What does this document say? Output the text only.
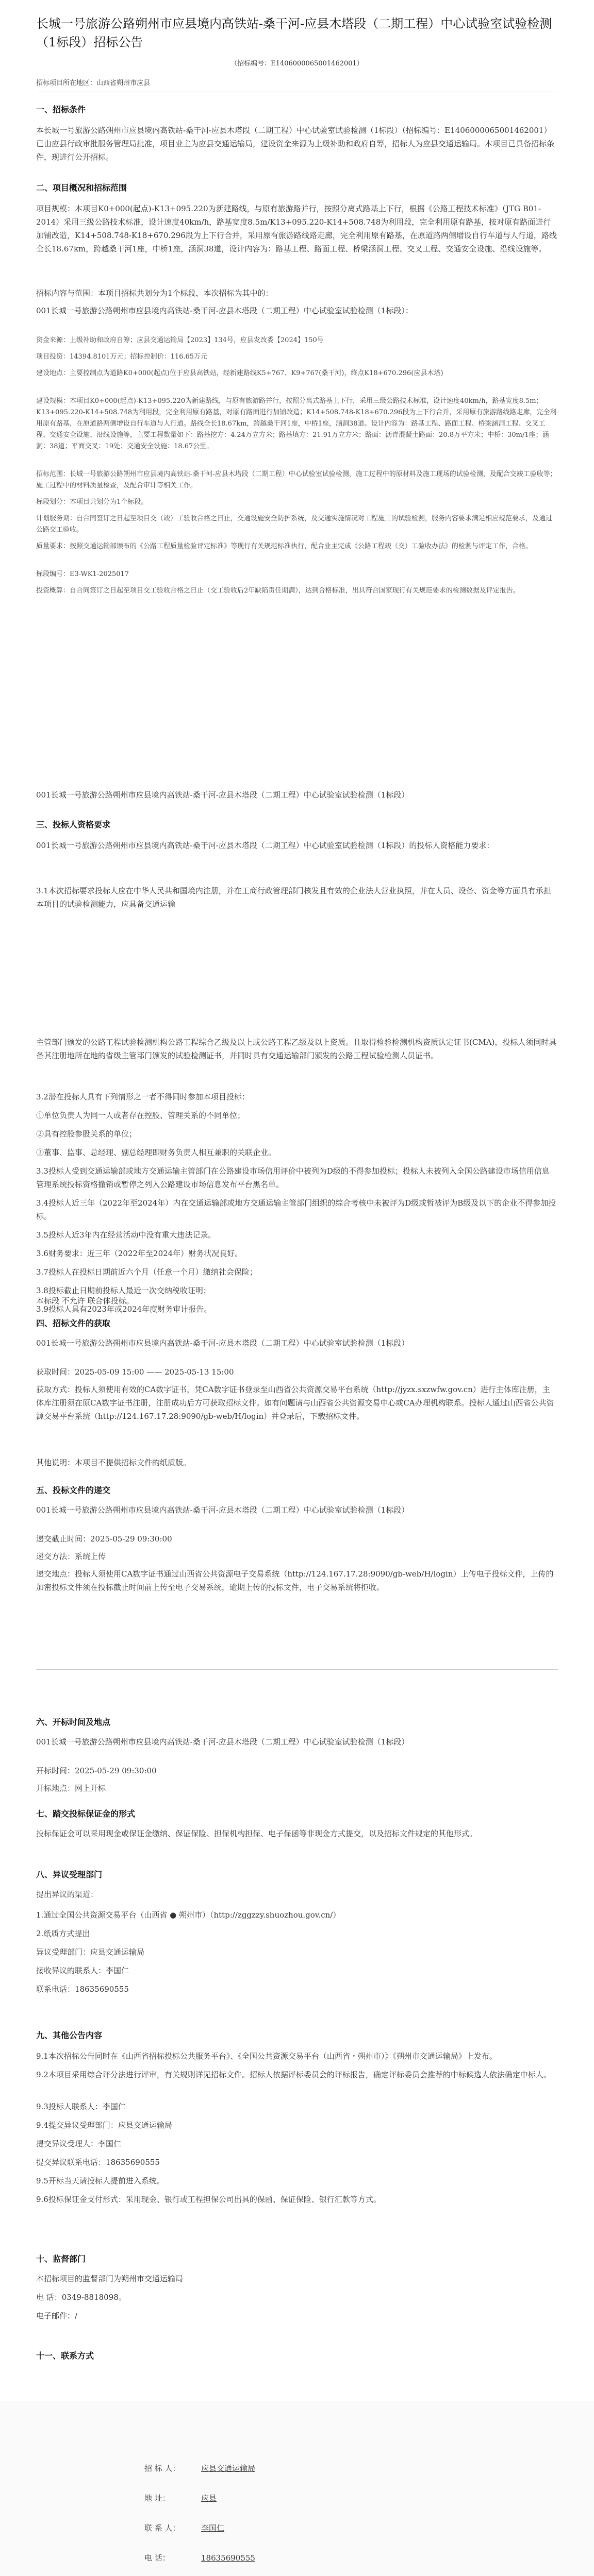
长城一号旅游公路朔州市应县境内高铁站-桑干河-应县木塔段（二期工程）中心试验室试验检测（1标段）招标公告
（招标编号：E1406000065001462001）
招标项目所在地区：山西省朔州市应县
一、招标条件
本长城一号旅游公路朔州市应县境内高铁站-桑干河-应县木塔段（二期工程）中心试验室试验检测（1标段）（招标编号：E1406000065001462001）已由应县行政审批服务管理局批准，项目业主为应县交通运输局，建设资金来源为上级补助和政府自筹，招标人为应县交通运输局。本项目已具备招标条件，现进行公开招标。
二、项目概况和招标范围
项目规模：本项目K0+000(起点)-K13+095.220为新建路线，与原有旅游路并行，按照分离式路基上下行，根据《公路工程技术标准》（JTG B01-2014）采用三级公路技术标准，设计速度40km/h，路基宽度8.5m/K13+095.220-K14+508.748为利用段，完全利用原有路基，按对原有路面进行加铺改造，K14+508.748-K18+670.296段为上下行合并，采用原有旅游路线路走廊，完全利用原有路基，在原道路两侧增设自行车道与人行道，路线全长18.67km，跨越桑干河1座，中桥1座，涵洞38道，设计内容为：路基工程、路面工程、桥梁涵洞工程、交叉工程、交通安全设施、沿线设施等。
招标内容与范围：本项目招标共划分为1个标段，本次招标为其中的：
001长城一号旅游公路朔州市应县境内高铁站-桑干河-应县木塔段（二期工程）中心试验室试验检测（1标段）：
资金来源：上级补助和政府自筹；应县交通运输局【2023】134号，应县发改委【2024】150号
项目投资：14394.8101万元；招标控制价：116.65万元
建设地点：主要控制点为道路K0+000(起点)位于应县高铁站，经新建路线K5+767、K9+767(桑干河)，终点K18+670.296(应县木塔)
建设规模：本项目K0+000(起点)-K13+095.220为新建路线，与原有旅游路并行，按照分离式路基上下行，采用三级公路技术标准，设计速度40km/h，路基宽度8.5m；K13+095.220-K14+508.748为利用段，完全利用原有路基，对原有路面进行加铺改造；K14+508.748-K18+670.296段为上下行合并，采用原有旅游路线路走廊，完全利用原有路基，在原道路两侧增设自行车道与人行道。路线全长18.67km，跨越桑干河1座，中桥1座，涵洞38道。设计内容为：路基工程、路面工程、桥梁涵洞工程、交叉工程、交通安全设施、沿线设施等，主要工程数量如下：路基挖方：4.24万立方米；路基填方：21.91万立方米；路面：沥青混凝土路面：20.8万平方米；中桥：30m/1座；涵洞：38道；平面交叉：19处；交通安全设施：18.67公里。
招标范围：长城一号旅游公路朔州市应县境内高铁站-桑干河-应县木塔段（二期工程）中心试验室试验检测，施工过程中的原材料及施工现场的试验检测，及配合交竣工验收等；施工过程中的材料质量检查，及配合审计等相关工作。
标段划分：本项目共划分为1个标段。
计划服务期：自合同签订之日起至项目交（竣）工验收合格之日止，交通设施安全防护系统，及交通实施情况对工程施工的试验检测，服务内容要求满足相应规范要求，及通过公路交工验收。
质量要求：按照交通运输部颁布的《公路工程质量检验评定标准》等现行有关规范标准执行，配合业主完成《公路工程竣（交）工验收办法》的检测与评定工作，合格。
标段编号：E3-WK1-2025017
投资概算：自合同签订之日起至项目交工验收合格之日止（交工验收后2年缺陷责任期满），达到合格标准，出具符合国家现行有关规范要求的检测数据及评定报告。
001长城一号旅游公路朔州市应县境内高铁站-桑干河-应县木塔段（二期工程）中心试验室试验检测（1标段）
三、投标人资格要求
001长城一号旅游公路朔州市应县境内高铁站-桑干河-应县木塔段（二期工程）中心试验室试验检测（1标段）的投标人资格能力要求：
3.1本次招标要求投标人应在中华人民共和国境内注册，并在工商行政管理部门核发且有效的企业法人营业执照，并在人员、设备、资金等方面具有承担本项目的试验检测能力，应具备交通运输
主管部门颁发的公路工程试验检测机构公路工程综合乙级及以上或公路工程乙级及以上资质。且取得检验检测机构资质认定证书(CMA)，投标人须同时具备其注册地所在地的省级主管部门颁发的试验检测证书，并同时具有交通运输部门颁发的公路工程试验检测人员证书。
3.2潜在投标人具有下列情形之一者不得同时参加本项目投标：
①单位负责人为同一人或者存在控股、管理关系的不同单位；
②具有控股参股关系的单位；
③董事、监事、总经理、副总经理即财务负责人相互兼职的关联企业。
3.3投标人受到交通运输部或地方交通运输主管部门在公路建设市场信用评价中被列为D级的不得参加投标；投标人未被列入全国公路建设市场信用信息管理系统投标资格撤销或暂停之列入公路建设市场信息发布平台黑名单。
3.4投标人近三年（2022年至2024年）内在交通运输部或地方交通运输主管部门组织的综合考核中未被评为D级或暂被评为B级及以下的企业不得参加投标。
3.5投标人近3年内在经营活动中没有重大违法记录。
3.6财务要求：近三年（2022年至2024年）财务状况良好。
3.7投标人在投标日期前近六个月（任意一个月）缴纳社会保险；
3.8投标截止日期前投标人最近一次交纳税收证明；
3.9投标人具有2023年或2024年度财务审计报告。
本标段 不允许 联合体投标。
四、招标文件的获取
001长城一号旅游公路朔州市应县境内高铁站-桑干河-应县木塔段（二期工程）中心试验室试验检测（1标段）
获取时间：2025-05-09 15:00 —— 2025-05-13 15:00
获取方式：投标人须使用有效的CA数字证书，凭CA数字证书登录至山西省公共资源交易平台系统（http://jyzx.sxzwfw.gov.cn）进行主体库注册，主体库注册须在原CA数字证书注册，注册成功后方可获取招标文件。如有问题请与山西省公共资源交易中心或CA办理机构联系。投标人通过山西省公共资源交易平台系统（http://124.167.17.28:9090/gb-web/H/login）并登录后，下载招标文件。
其他说明：本项目不提供招标文件的纸质版。
五、投标文件的递交
001长城一号旅游公路朔州市应县境内高铁站-桑干河-应县木塔段（二期工程）中心试验室试验检测（1标段）
递交截止时间：2025-05-29 09:30:00
递交方法：系统上传
递交地点：投标人须使用CA数字证书通过山西省公共资源电子交易系统（http://124.167.17.28:9090/gb-web/H/login）上传电子投标文件，上传的加密投标文件须在投标截止时间前上传至电子交易系统，逾期上传的投标文件，电子交易系统将拒收。
六、开标时间及地点
001长城一号旅游公路朔州市应县境内高铁站-桑干河-应县木塔段（二期工程）中心试验室试验检测（1标段）
开标时间：2025-05-29 09:30:00
开标地点：网上开标
七、踏交投标保证金的形式
投标保证金可以采用现金或保证金缴纳、保证保险、担保机构担保、电子保函等非现金方式提交，以及招标文件规定的其他形式。
八、异议受理部门
提出异议的渠道：
1.通过全国公共资源交易平台（山西省 ● 朔州市）（http://zggzzy.shuozhou.gov.cn/）
2.纸质方式提出
异议受理部门：应县交通运输局
接收异议的联系人：李国仁
联系电话：18635690555
九、其他公告内容
9.1本次招标公告同时在《山西省招标投标公共服务平台》、《全国公共资源交易平台（山西省・朔州市）》《朔州市交通运输局》上发布。
9.2本项目采用综合评分法进行评审，有关规则详见招标文件。招标人依据评标委员会的评标报告，确定评标委员会推荐的中标候选人依法确定中标人。
9.3投标人联系人：李国仁
9.4提交异议受理部门：应县交通运输局
提交异议受理人：李国仁
提交异议联系电话：18635690555
9.5开标当天请投标人提前进入系统。
9.6投标保证金支付形式：采用现金、银行或工程担保公司出具的保函、保证保险、银行汇款等方式。
十、监督部门
本招标项目的监督部门为朔州市交通运输局
电 话：0349-8818098。
电子邮件：/
十一、联系方式
招 标 人：	应县交通运输局
地 址：	应县
联 系 人：	李国仁
电 话：	18635690555
